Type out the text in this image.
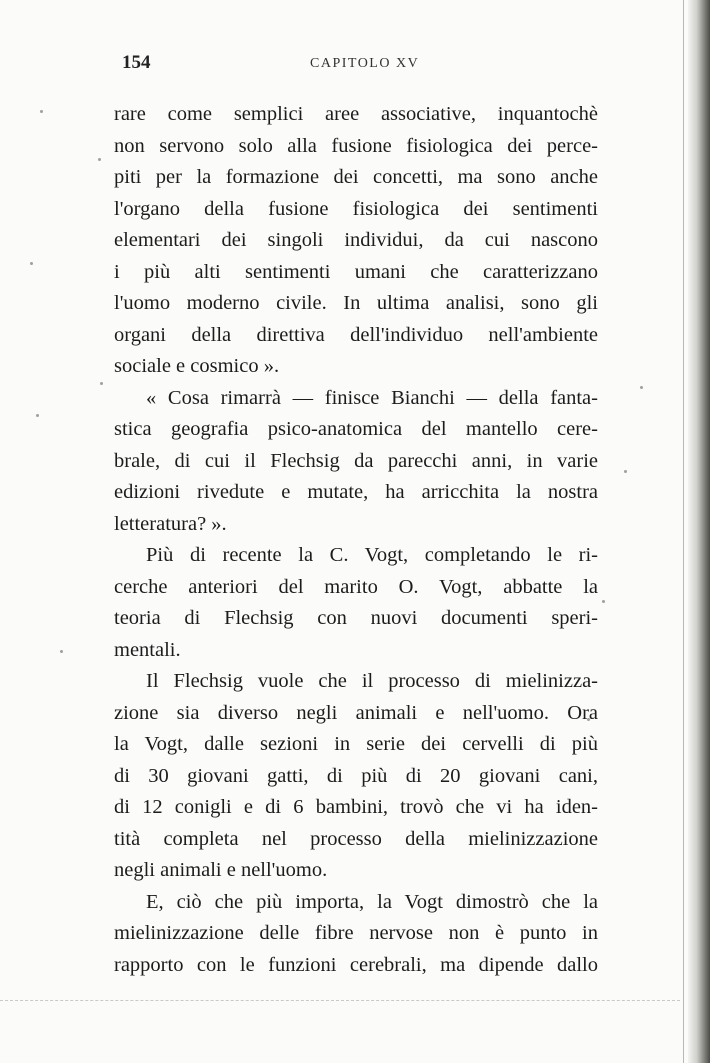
154	CAPITOLO XV
rare come semplici aree associative, inquantochè
non servono solo alla fusione fisiologica dei perce-
piti per la formazione dei concetti, ma sono anche
l'organo della fusione fisiologica dei sentimenti
elementari dei singoli individui, da cui nascono
i più alti sentimenti umani che caratterizzano
l'uomo moderno civile. In ultima analisi, sono gli
organi della direttiva dell'individuo nell'ambiente
sociale e cosmico ».
« Cosa rimarrà — finisce Bianchi — della fanta-
stica geografia psico-anatomica del mantello cere-
brale, di cui il Flechsig da parecchi anni, in varie
edizioni rivedute e mutate, ha arricchita la nostra
letteratura? ».
Più di recente la C. Vogt, completando le ri-
cerche anteriori del marito O. Vogt, abbatte la
teoria di Flechsig con nuovi documenti speri-
mentali.
Il Flechsig vuole che il processo di mielinizza-
zione sia diverso negli animali e nell'uomo. Ora
la Vogt, dalle sezioni in serie dei cervelli di più
di 30 giovani gatti, di più di 20 giovani cani,
di 12 conigli e di 6 bambini, trovò che vi ha iden-
tità completa nel processo della mielinizzazione
negli animali e nell'uomo.
E, ciò che più importa, la Vogt dimostrò che la
mielinizzazione delle fibre nervose non è punto in
rapporto con le funzioni cerebrali, ma dipende dallo
